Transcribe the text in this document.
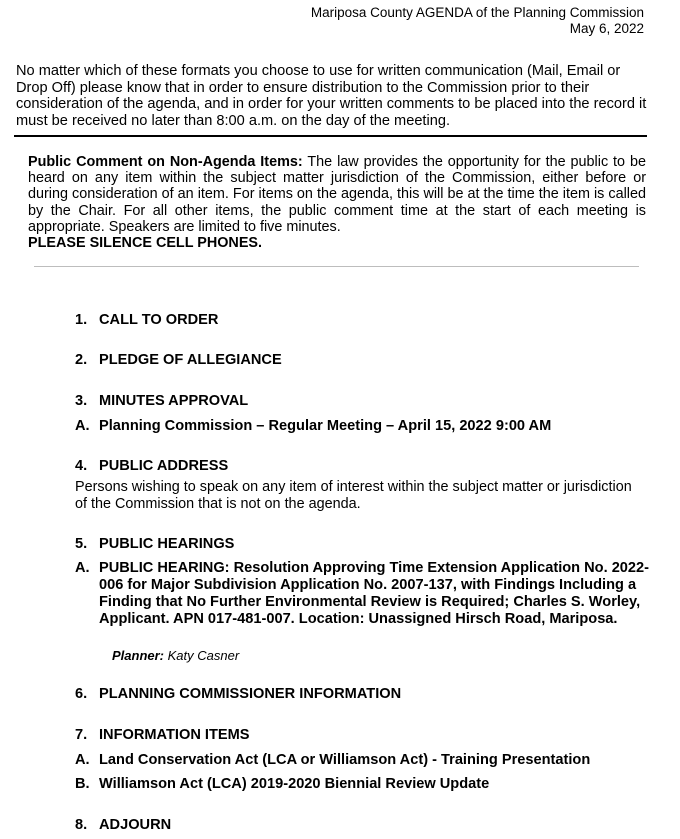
Mariposa County AGENDA of the Planning Commission
May 6, 2022
No matter which of these formats you choose to use for written communication (Mail, Email or Drop Off) please know that in order to ensure distribution to the Commission prior to their consideration of the agenda, and in order for your written comments to be placed into the record it must be received no later than 8:00 a.m. on the day of the meeting.
Public Comment on Non-Agenda Items: The law provides the opportunity for the public to be heard on any item within the subject matter jurisdiction of the Commission, either before or during consideration of an item. For items on the agenda, this will be at the time the item is called by the Chair. For all other items, the public comment time at the start of each meeting is appropriate. Speakers are limited to five minutes.
PLEASE SILENCE CELL PHONES.
1. CALL TO ORDER
2. PLEDGE OF ALLEGIANCE
3. MINUTES APPROVAL
A. Planning Commission – Regular Meeting – April 15, 2022 9:00 AM
4. PUBLIC ADDRESS
Persons wishing to speak on any item of interest within the subject matter or jurisdiction of the Commission that is not on the agenda.
5. PUBLIC HEARINGS
A. PUBLIC HEARING: Resolution Approving Time Extension Application No. 2022-006 for Major Subdivision Application No. 2007-137, with Findings Including a Finding that No Further Environmental Review is Required; Charles S. Worley, Applicant. APN 017-481-007. Location: Unassigned Hirsch Road, Mariposa.
Planner: Katy Casner
6. PLANNING COMMISSIONER INFORMATION
7. INFORMATION ITEMS
A. Land Conservation Act (LCA or Williamson Act) - Training Presentation
B. Williamson Act (LCA) 2019-2020 Biennial Review Update
8. ADJOURN
